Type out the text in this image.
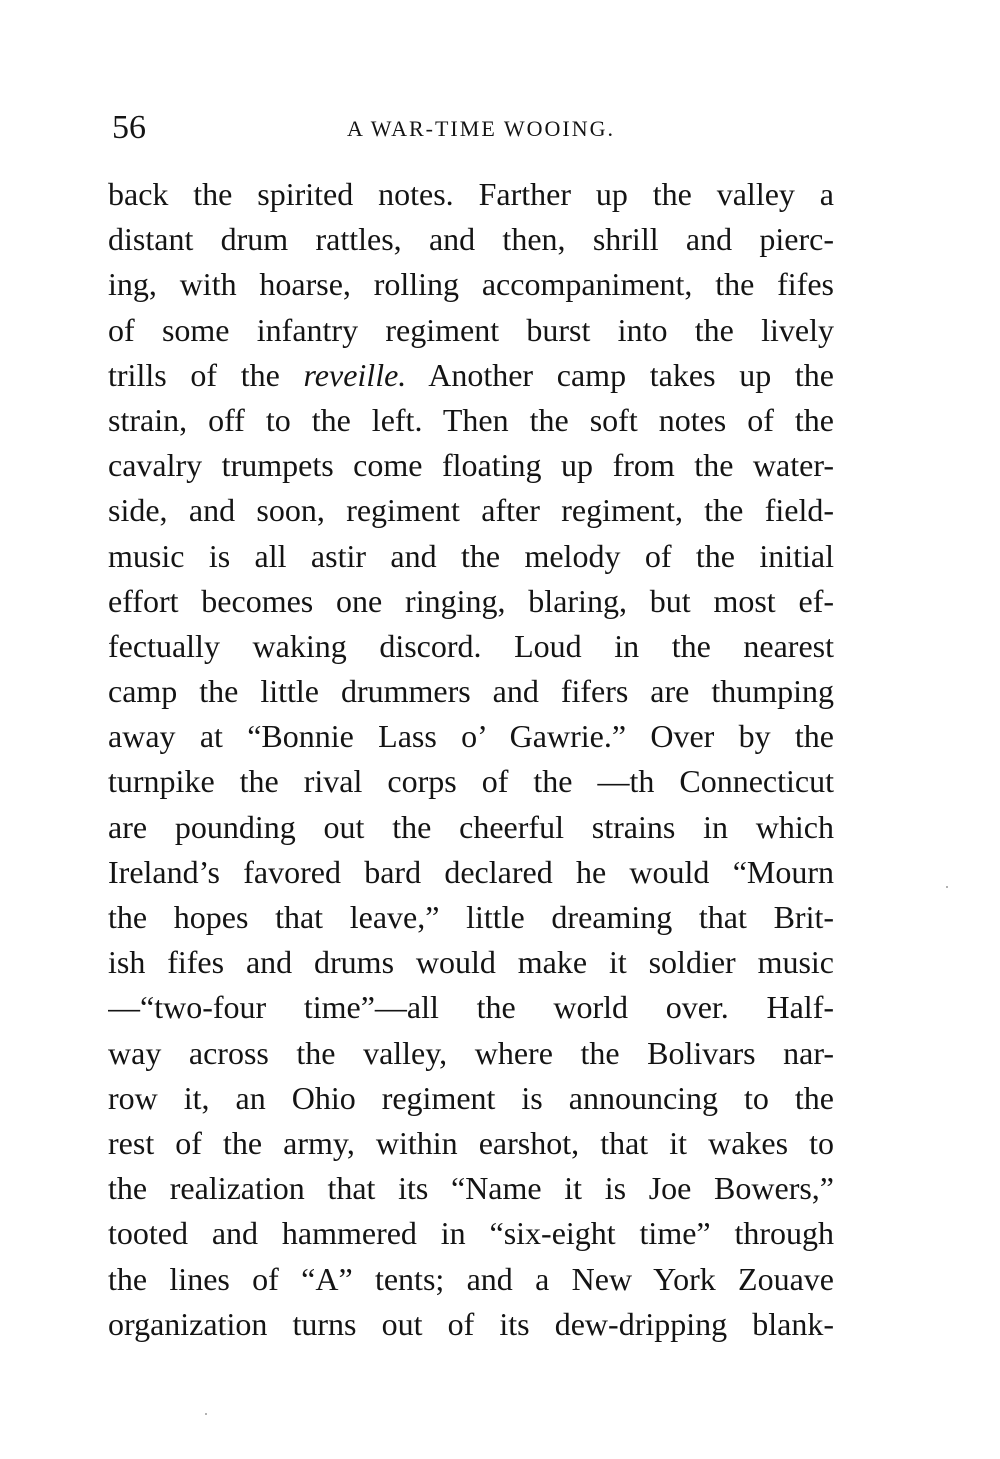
56	A WAR-TIME WOOING.
back the spirited notes. Farther up the valley a
distant drum rattles, and then, shrill and pierc-
ing, with hoarse, rolling accompaniment, the fifes
of some infantry regiment burst into the lively
trills of the reveille. Another camp takes up the
strain, off to the left. Then the soft notes of the
cavalry trumpets come floating up from the water-
side, and soon, regiment after regiment, the field-
music is all astir and the melody of the initial
effort becomes one ringing, blaring, but most ef-
fectually waking discord. Loud in the nearest
camp the little drummers and fifers are thumping
away at “Bonnie Lass o’ Gawrie.” Over by the
turnpike the rival corps of the —th Connecticut
are pounding out the cheerful strains in which
Ireland’s favored bard declared he would “Mourn
the hopes that leave,” little dreaming that Brit-
ish fifes and drums would make it soldier music
—“two-four time”—all the world over. Half-
way across the valley, where the Bolivars nar-
row it, an Ohio regiment is announcing to the
rest of the army, within earshot, that it wakes to
the realization that its “Name it is Joe Bowers,”
tooted and hammered in “six-eight time” through
the lines of “A” tents; and a New York Zouave
organization turns out of its dew-dripping blank-
